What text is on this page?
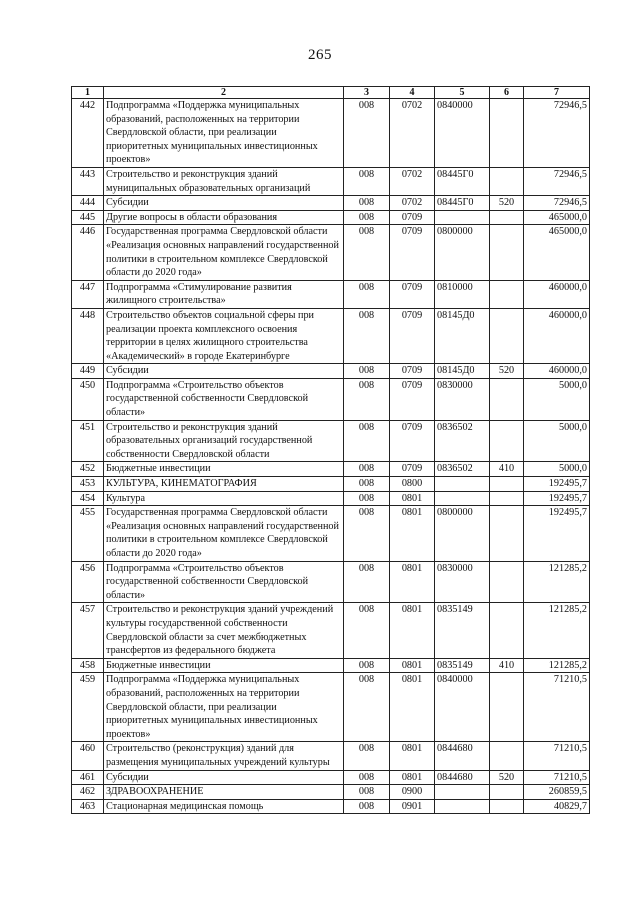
265
1	2	3	4	5	6	7
442	Подпрограмма «Поддержка муниципальных образований, расположенных на территории Свердловской области, при реализации приоритетных муниципальных инвестиционных проектов»	008	0702	0840000		72946,5
443	Строительство и реконструкция зданий муниципальных образовательных организаций	008	0702	08445Г0		72946,5
444	Субсидии	008	0702	08445Г0	520	72946,5
445	Другие вопросы в области образования	008	0709			465000,0
446	Государственная программа Свердловской области «Реализация основных направлений государственной политики в строительном комплексе Свердловской области до 2020 года»	008	0709	0800000		465000,0
447	Подпрограмма «Стимулирование развития жилищного строительства»	008	0709	0810000		460000,0
448	Строительство объектов социальной сферы при реализации проекта комплексного освоения территории в целях жилищного строительства «Академический» в городе Екатеринбурге	008	0709	08145Д0		460000,0
449	Субсидии	008	0709	08145Д0	520	460000,0
450	Подпрограмма «Строительство объектов государственной собственности Свердловской области»	008	0709	0830000		5000,0
451	Строительство и реконструкция зданий образовательных организаций государственной собственности Свердловской области	008	0709	0836502		5000,0
452	Бюджетные инвестиции	008	0709	0836502	410	5000,0
453	КУЛЬТУРА, КИНЕМАТОГРАФИЯ	008	0800			192495,7
454	Культура	008	0801			192495,7
455	Государственная программа Свердловской области «Реализация основных направлений государственной политики в строительном комплексе Свердловской области до 2020 года»	008	0801	0800000		192495,7
456	Подпрограмма «Строительство объектов государственной собственности Свердловской области»	008	0801	0830000		121285,2
457	Строительство и реконструкция зданий учреждений культуры государственной собственности Свердловской области за счет межбюджетных трансфертов из федерального бюджета	008	0801	0835149		121285,2
458	Бюджетные инвестиции	008	0801	0835149	410	121285,2
459	Подпрограмма «Поддержка муниципальных образований, расположенных на территории Свердловской области, при реализации приоритетных муниципальных инвестиционных проектов»	008	0801	0840000		71210,5
460	Строительство (реконструкция) зданий для размещения муниципальных учреждений культуры	008	0801	0844680		71210,5
461	Субсидии	008	0801	0844680	520	71210,5
462	ЗДРАВООХРАНЕНИЕ	008	0900			260859,5
463	Стационарная медицинская помощь	008	0901			40829,7
